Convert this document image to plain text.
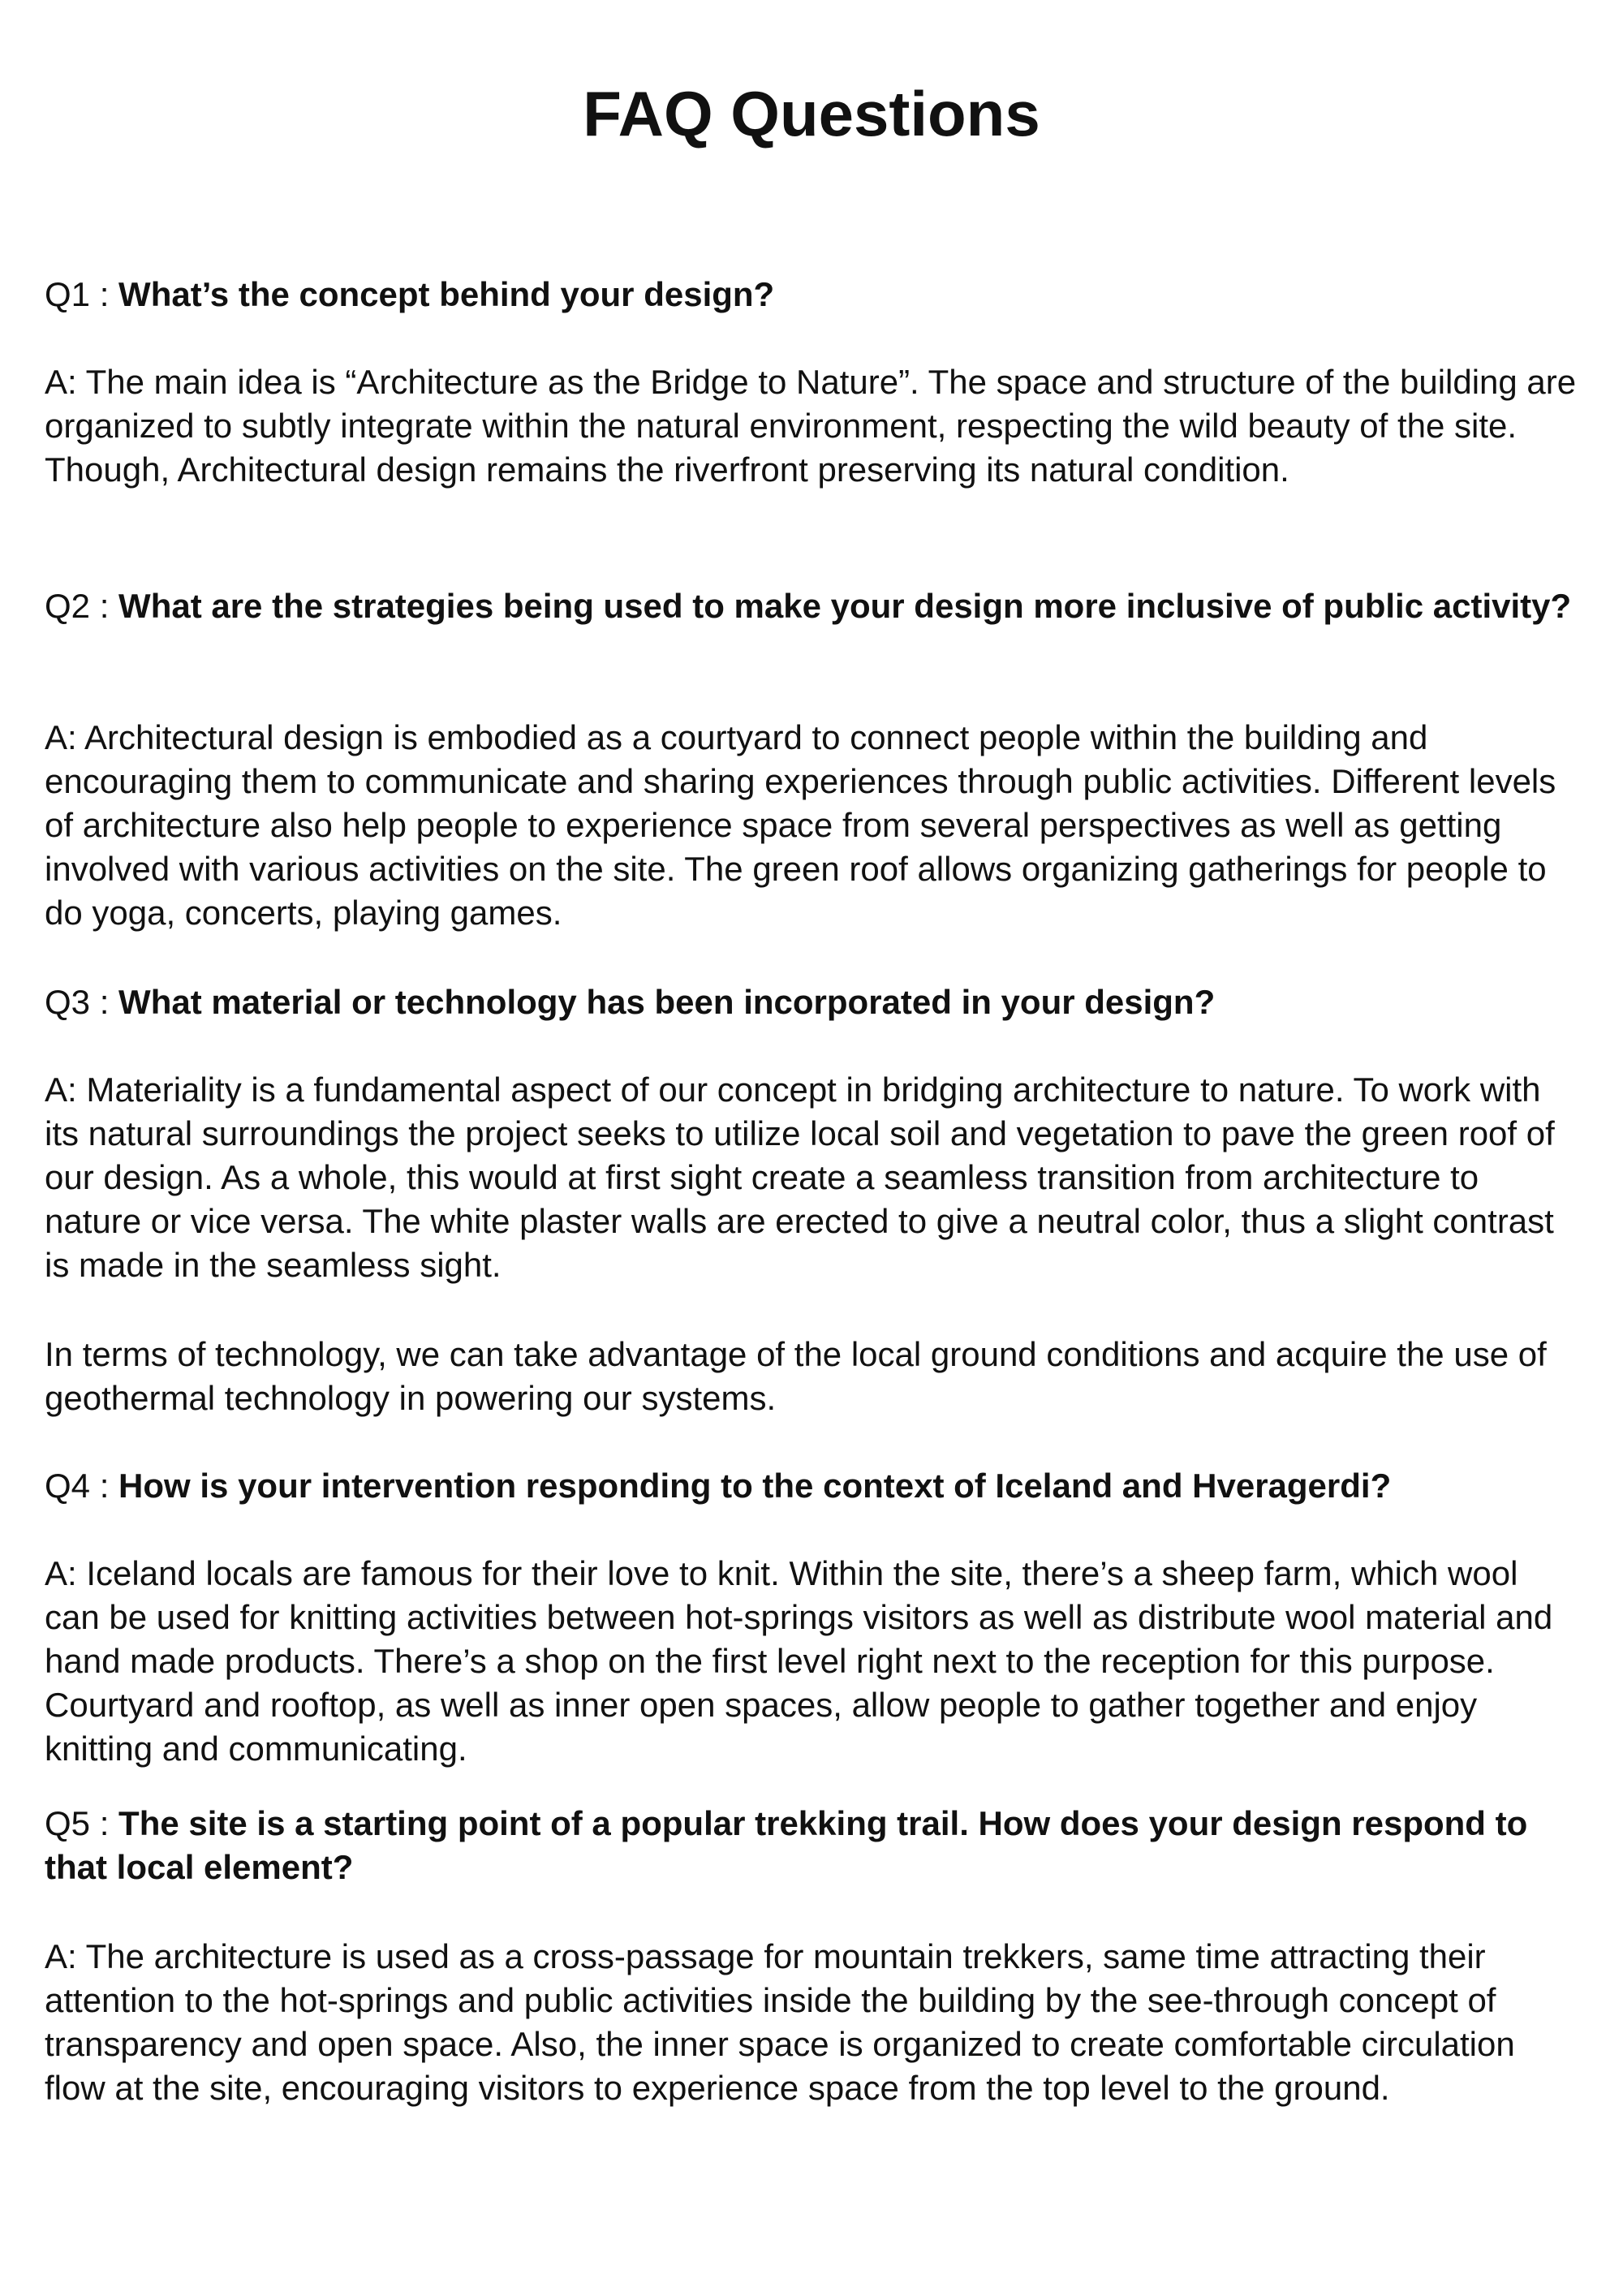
FAQ Questions

Q1 : What’s the concept behind your design?

A: The main idea is “Architecture as the Bridge to Nature”. The space and structure of the building are organized to subtly integrate within the natural environment, respecting the wild beauty of the site. Though, Architectural design remains the riverfront preserving its natural condition.

Q2 : What are the strategies being used to make your design more inclusive of public activity?

A: Architectural design is embodied as a courtyard to connect people within the building and encouraging them to communicate and sharing experiences through public activities. Different levels of architecture also help people to experience space from several perspectives as well as getting involved with various activities on the site. The green roof allows organizing gatherings for people to do yoga, concerts, playing games.

Q3 : What material or technology has been incorporated in your design?

A: Materiality is a fundamental aspect of our concept in bridging architecture to nature. To work with its natural surroundings the project seeks to utilize local soil and vegetation to pave the green roof of our design. As a whole, this would at first sight create a seamless transition from architecture to nature or vice versa. The white plaster walls are erected to give a neutral color, thus a slight contrast is made in the seamless sight.

In terms of technology, we can take advantage of the local ground conditions and acquire the use of geothermal technology in powering our systems.

Q4 : How is your intervention responding to the context of Iceland and Hveragerdi?

A: Iceland locals are famous for their love to knit. Within the site, there’s a sheep farm, which wool can be used for knitting activities between hot-springs visitors as well as distribute wool material and hand made products. There’s a shop on the first level right next to the reception for this purpose. Courtyard and rooftop, as well as inner open spaces, allow people to gather together and enjoy knitting and communicating.

Q5 : The site is a starting point of a popular trekking trail. How does your design respond to that local element?

A: The architecture is used as a cross-passage for mountain trekkers, same time attracting their attention to the hot-springs and public activities inside the building by the see-through concept of transparency and open space. Also, the inner space is organized to create comfortable circulation flow at the site, encouraging visitors to experience space from the top level to the ground.
